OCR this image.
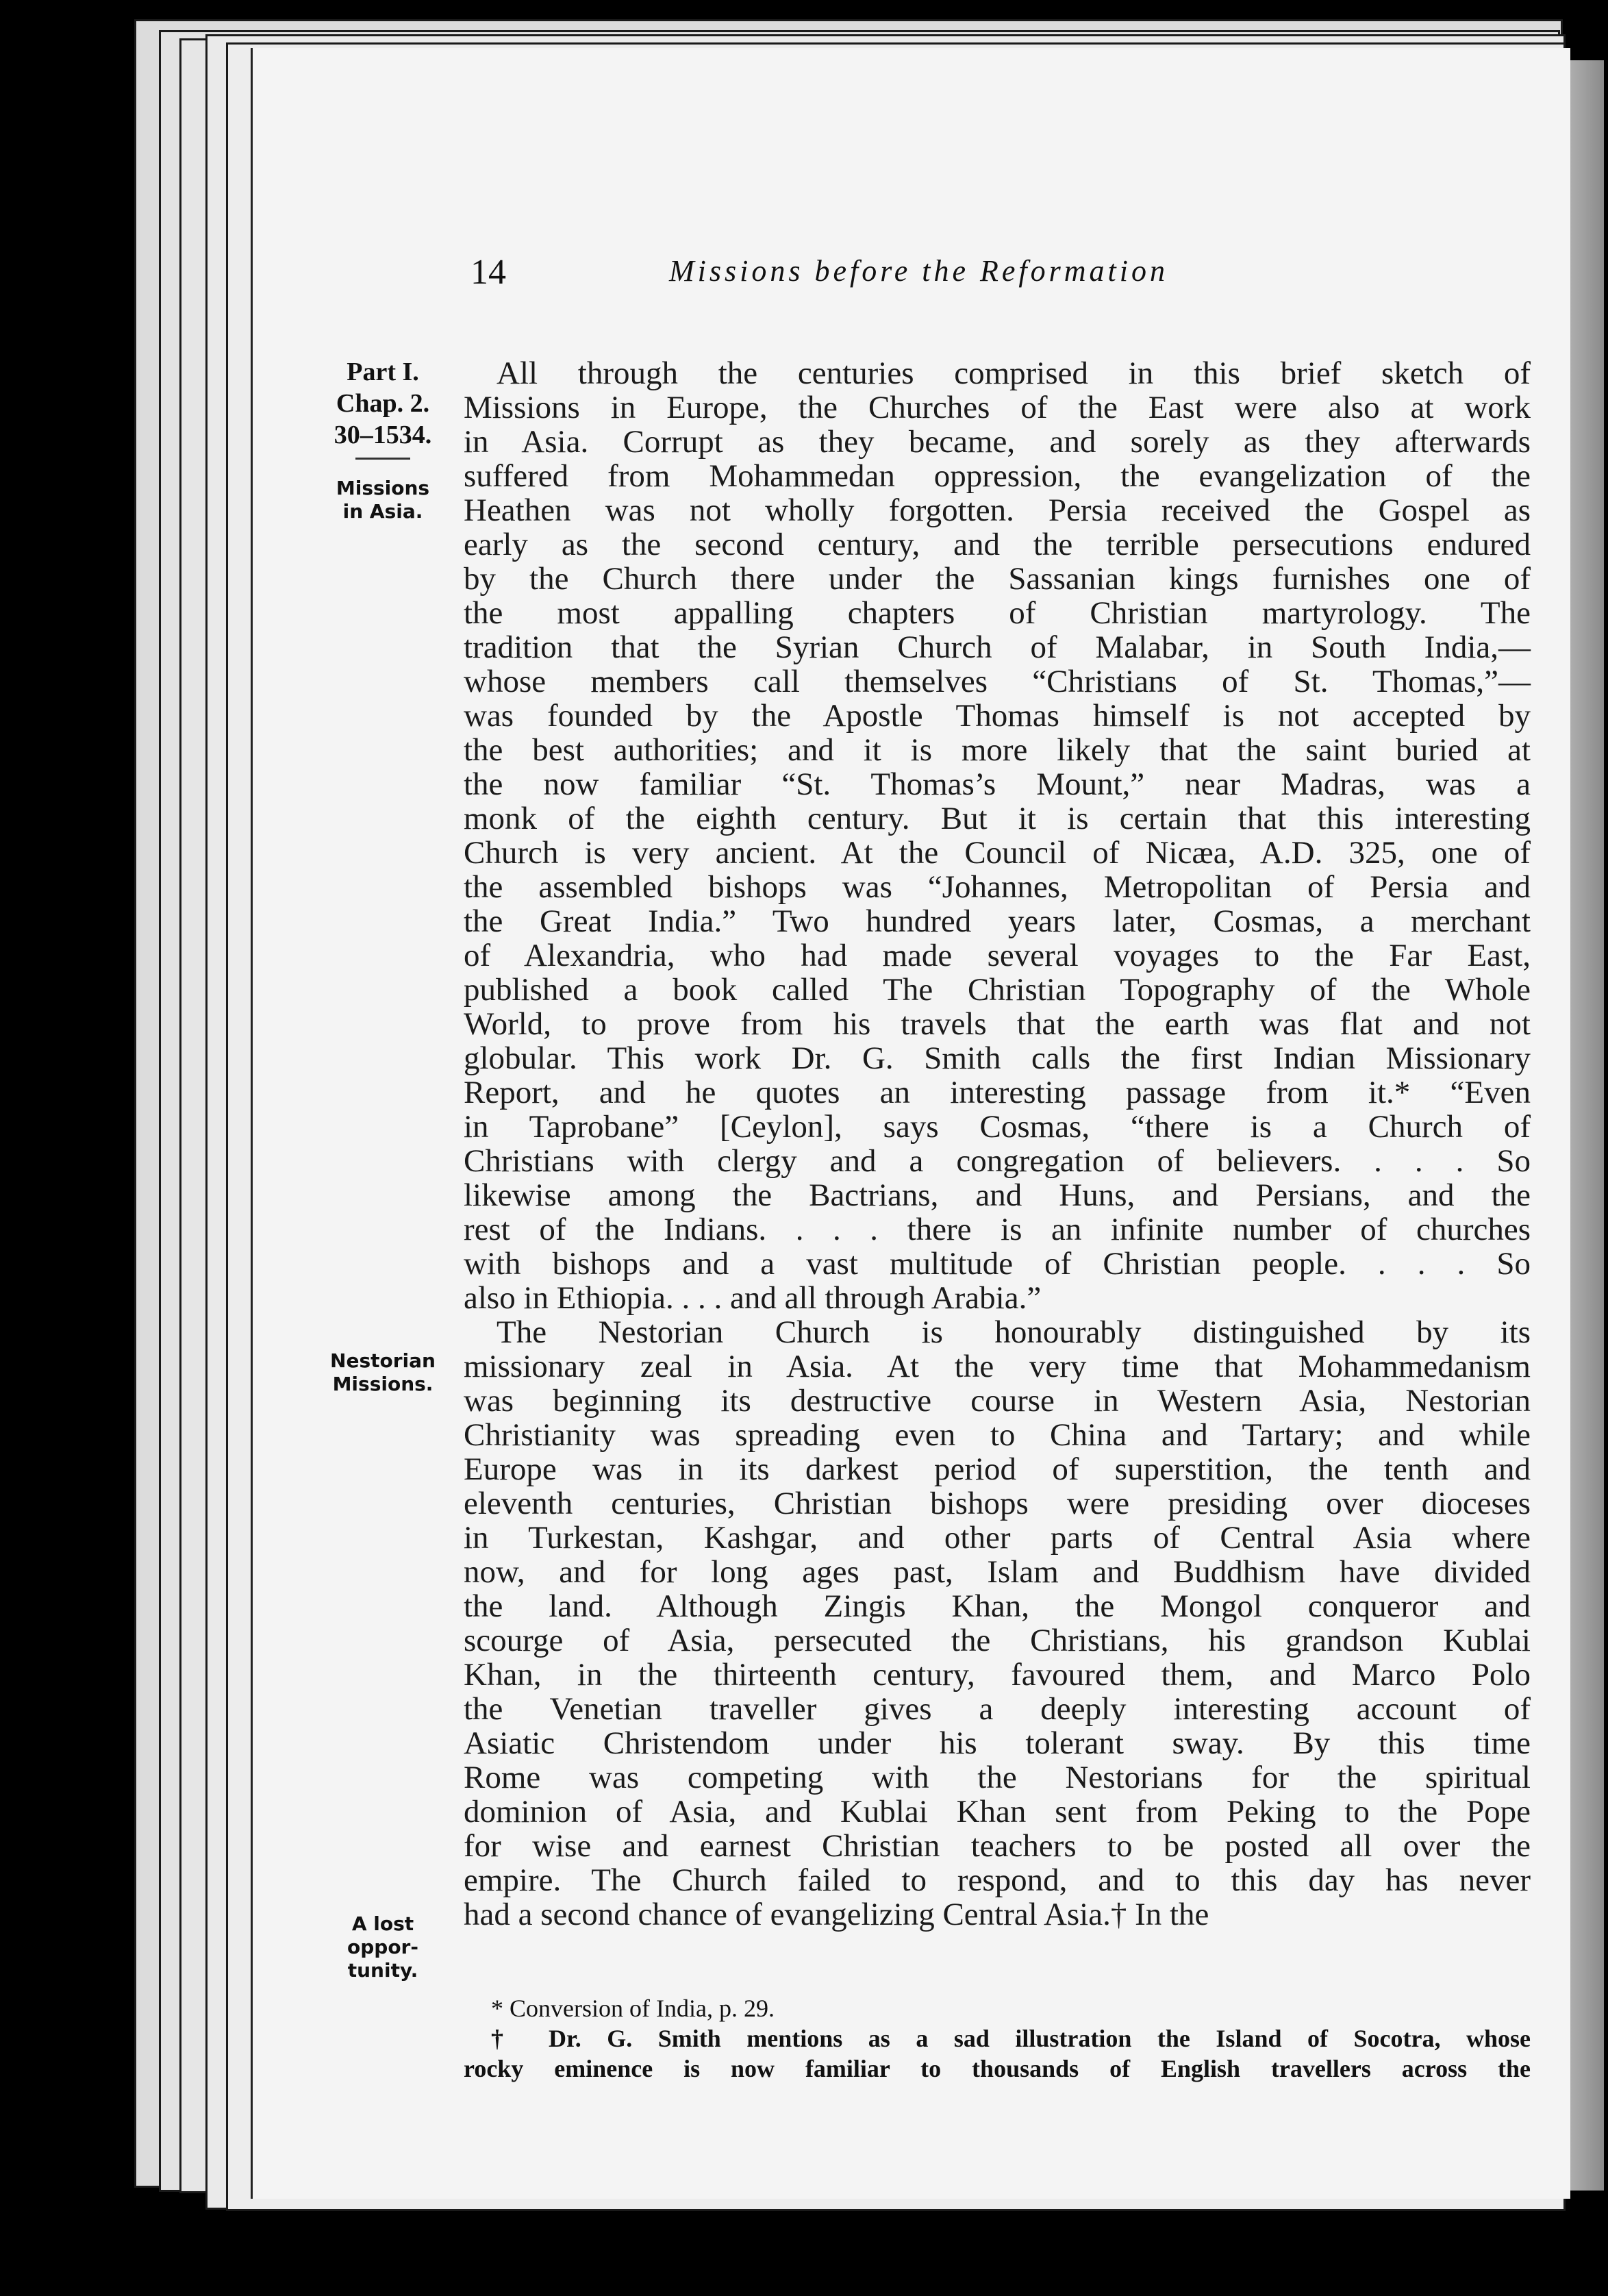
14	Missions before the Reformation
Part I.
Chap. 2.
30–1534.
Missions
in Asia.
Nestorian
Missions.
A lost
oppor-
tunity.
All through the centuries comprised in this brief sketch of
Missions in Europe, the Churches of the East were also at work
in Asia. Corrupt as they became, and sorely as they afterwards
suffered from Mohammedan oppression, the evangelization of the
Heathen was not wholly forgotten. Persia received the Gospel as
early as the second century, and the terrible persecutions endured
by the Church there under the Sassanian kings furnishes one of
the most appalling chapters of Christian martyrology. The
tradition that the Syrian Church of Malabar, in South India,—
whose members call themselves “Christians of St. Thomas,”—
was founded by the Apostle Thomas himself is not accepted by
the best authorities; and it is more likely that the saint buried at
the now familiar “St. Thomas’s Mount,” near Madras, was a
monk of the eighth century. But it is certain that this interesting
Church is very ancient. At the Council of Nicæa, A.D. 325, one of
the assembled bishops was “Johannes, Metropolitan of Persia and
the Great India.” Two hundred years later, Cosmas, a merchant
of Alexandria, who had made several voyages to the Far East,
published a book called The Christian Topography of the Whole
World, to prove from his travels that the earth was flat and not
globular. This work Dr. G. Smith calls the first Indian Missionary
Report, and he quotes an interesting passage from it.* “Even
in Taprobane” [Ceylon], says Cosmas, “there is a Church of
Christians with clergy and a congregation of believers. . . . So
likewise among the Bactrians, and Huns, and Persians, and the
rest of the Indians. . . . there is an infinite number of churches
with bishops and a vast multitude of Christian people. . . . So
also in Ethiopia. . . . and all through Arabia.”
The Nestorian Church is honourably distinguished by its
missionary zeal in Asia. At the very time that Mohammedanism
was beginning its destructive course in Western Asia, Nestorian
Christianity was spreading even to China and Tartary; and while
Europe was in its darkest period of superstition, the tenth and
eleventh centuries, Christian bishops were presiding over dioceses
in Turkestan, Kashgar, and other parts of Central Asia where
now, and for long ages past, Islam and Buddhism have divided
the land. Although Zingis Khan, the Mongol conqueror and
scourge of Asia, persecuted the Christians, his grandson Kublai
Khan, in the thirteenth century, favoured them, and Marco Polo
the Venetian traveller gives a deeply interesting account of
Asiatic Christendom under his tolerant sway. By this time
Rome was competing with the Nestorians for the spiritual
dominion of Asia, and Kublai Khan sent from Peking to the Pope
for wise and earnest Christian teachers to be posted all over the
empire. The Church failed to respond, and to this day has never
had a second chance of evangelizing Central Asia.† In the
* Conversion of India, p. 29.
† Dr. G. Smith mentions as a sad illustration the Island of Socotra, whose
rocky eminence is now familiar to thousands of English travellers across the
